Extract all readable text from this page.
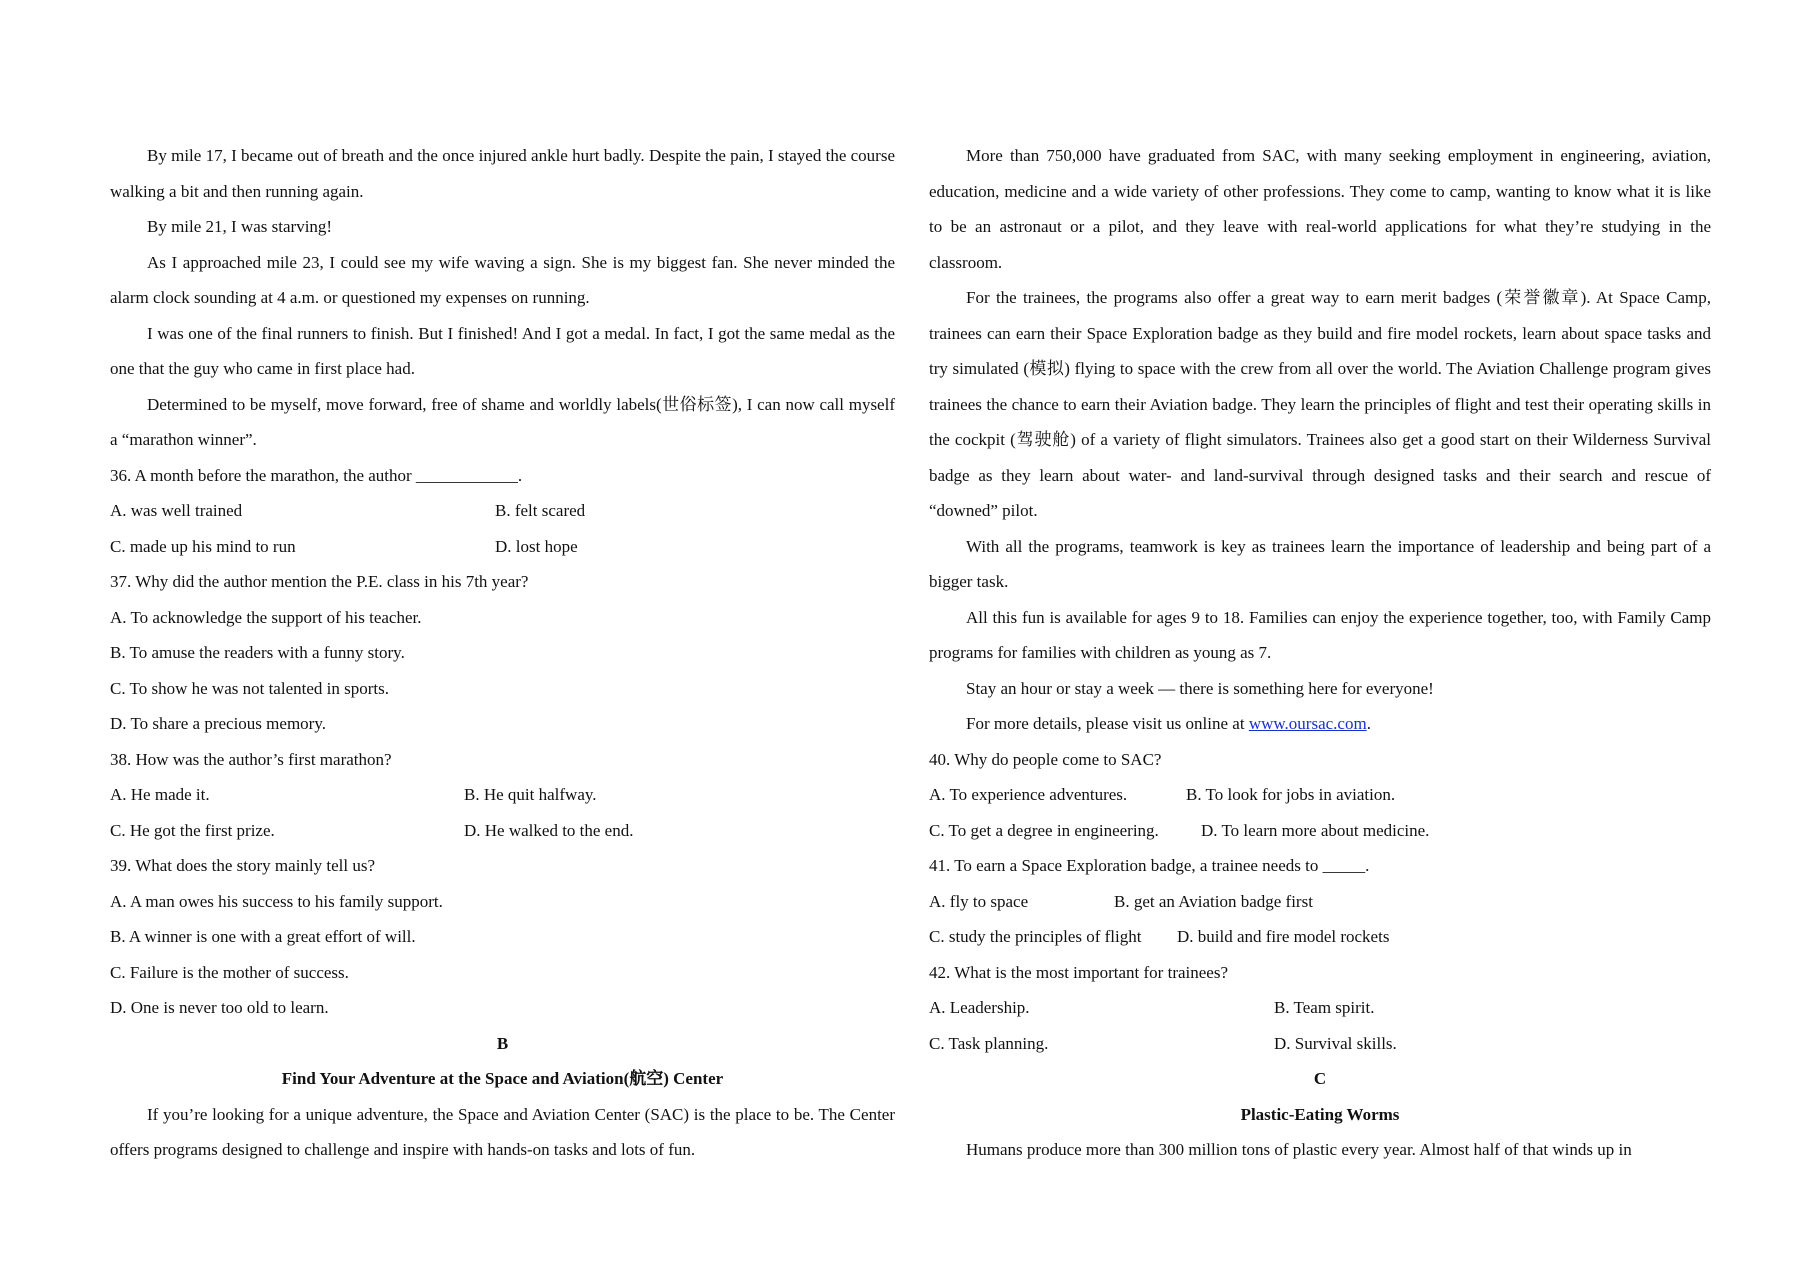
By mile 17, I became out of breath and the once injured ankle hurt badly. Despite the pain, I stayed the course walking a bit and then running again.

By mile 21, I was starving!

As I approached mile 23, I could see my wife waving a sign. She is my biggest fan. She never minded the alarm clock sounding at 4 a.m. or questioned my expenses on running.

I was one of the final runners to finish. But I finished! And I got a medal. In fact, I got the same medal as the one that the guy who came in first place had.

Determined to be myself, move forward, free of shame and worldly labels(世俗标签), I can now call myself a “marathon winner”.

36. A month before the marathon, the author ____________.

A. was well trained	B. felt scared
C. made up his mind to run	D. lost hope

37. Why did the author mention the P.E. class in his 7th year?

A. To acknowledge the support of his teacher.

B. To amuse the readers with a funny story.

C. To show he was not talented in sports.

D. To share a precious memory.

38. How was the author’s first marathon?

A. He made it.	B. He quit halfway.
C. He got the first prize.	D. He walked to the end.

39. What does the story mainly tell us?

A. A man owes his success to his family support.

B. A winner is one with a great effort of will.

C. Failure is the mother of success.

D. One is never too old to learn.

B

Find Your Adventure at the Space and Aviation(航空) Center

If you’re looking for a unique adventure, the Space and Aviation Center (SAC) is the place to be. The Center offers programs designed to challenge and inspire with hands-on tasks and lots of fun.

More than 750,000 have graduated from SAC, with many seeking employment in engineering, aviation, education, medicine and a wide variety of other professions. They come to camp, wanting to know what it is like to be an astronaut or a pilot, and they leave with real-world applications for what they’re studying in the classroom.

For the trainees, the programs also offer a great way to earn merit badges (荣誉徽章). At Space Camp, trainees can earn their Space Exploration badge as they build and fire model rockets, learn about space tasks and try simulated (模拟) flying to space with the crew from all over the world. The Aviation Challenge program gives trainees the chance to earn their Aviation badge. They learn the principles of flight and test their operating skills in the cockpit (驾驶舱) of a variety of flight simulators. Trainees also get a good start on their Wilderness Survival badge as they learn about water- and land-survival through designed tasks and their search and rescue of “downed” pilot.

With all the programs, teamwork is key as trainees learn the importance of leadership and being part of a bigger task.

All this fun is available for ages 9 to 18. Families can enjoy the experience together, too, with Family Camp programs for families with children as young as 7.

Stay an hour or stay a week — there is something here for everyone!

For more details, please visit us online at www.oursac.com.

40. Why do people come to SAC?

A. To experience adventures.	B. To look for jobs in aviation.
C. To get a degree in engineering.	D. To learn more about medicine.

41. To earn a Space Exploration badge, a trainee needs to _____.

A. fly to space	B. get an Aviation badge first
C. study the principles of flight	D. build and fire model rockets

42. What is the most important for trainees?

A. Leadership.	B. Team spirit.
C. Task planning.	D. Survival skills.

C

Plastic-Eating Worms

Humans produce more than 300 million tons of plastic every year. Almost half of that winds up in
